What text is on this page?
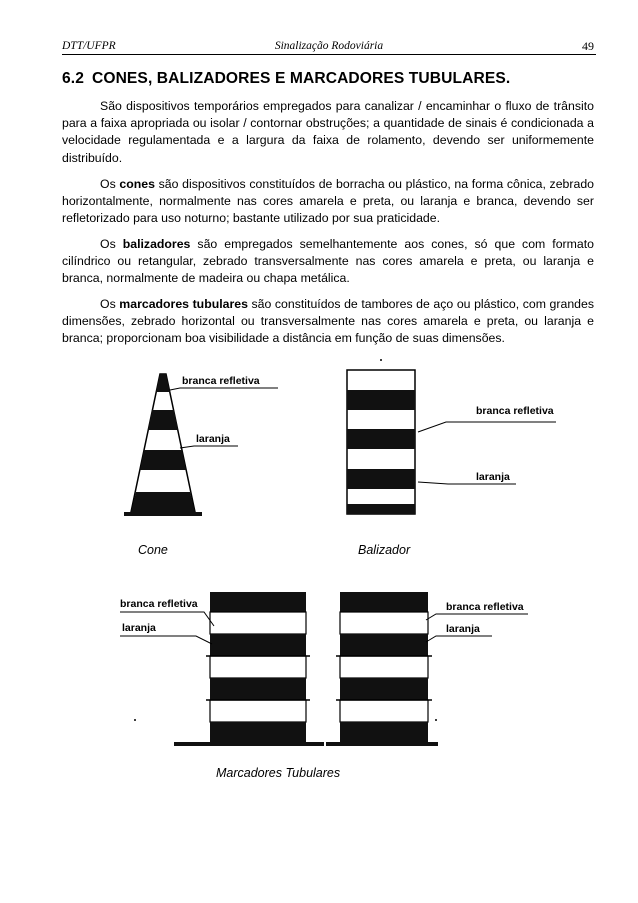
DTT/UFPR	Sinalização Rodoviária	49
6.2 CONES, BALIZADORES E MARCADORES TUBULARES.
São dispositivos temporários empregados para canalizar / encaminhar o fluxo de trânsito para a faixa apropriada ou isolar / contornar obstruções; a quantidade de sinais é condicionada a velocidade regulamentada e a largura da faixa de rolamento, devendo ser uniformemente distribuído.
Os cones são dispositivos constituídos de borracha ou plástico, na forma cônica, zebrado horizontalmente, normalmente nas cores amarela e preta, ou laranja e branca, devendo ser refletorizado para uso noturno; bastante utilizado por sua praticidade.
Os balizadores são empregados semelhantemente aos cones, só que com formato cilíndrico ou retangular, zebrado transversalmente nas cores amarela e preta, ou laranja e branca, normalmente de madeira ou chapa metálica.
Os marcadores tubulares são constituídos de tambores de aço ou plástico, com grandes dimensões, zebrado horizontal ou transversalmente nas cores amarela e preta, ou laranja e branca; proporcionam boa visibilidade a distância em função de suas dimensões.
branca refletiva
laranja
branca refletiva
laranja
branca refletiva
laranja
branca refletiva
laranja
Cone	Balizador
Marcadores Tubulares
